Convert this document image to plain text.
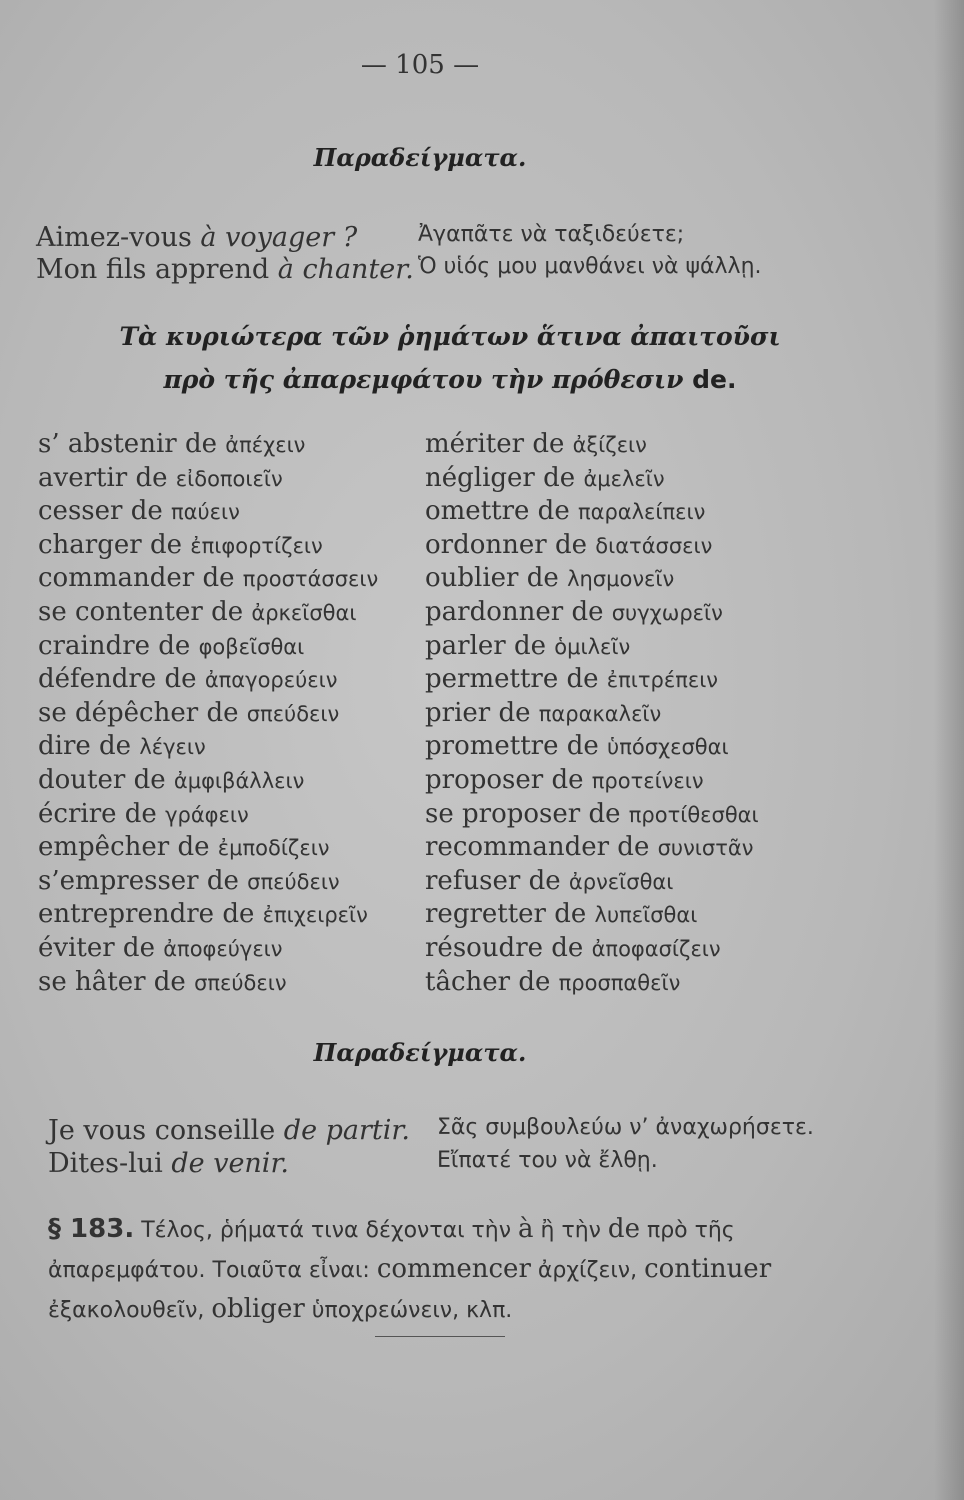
— 105 —
Παραδείγματα.
Aimez-vous à voyager ?	Ἀγαπᾶτε νὰ ταξιδεύετε;
Mon fils apprend à chanter. Ὁ υἱός μου μανθάνει νὰ ψάλλῃ.
Τὰ κυριώτερα τῶν ῥημάτων ἅτινα ἀπαιτοῦσι
πρὸ τῆς ἀπαρεμφάτου τὴν πρόθεσιν de.
s’ abstenir de ἀπέχειν
avertir de εἰδοποιεῖν
cesser de παύειν
charger de ἐπιφορτίζειν
commander de προστάσσειν
se contenter de ἀρκεῖσθαι
craindre de φοβεῖσθαι
défendre de ἀπαγορεύειν
se dépêcher de σπεύδειν
dire de λέγειν
douter de ἀμφιβάλλειν
écrire de γράφειν
empêcher de ἐμποδίζειν
s’empresser de σπεύδειν
entreprendre de ἐπιχειρεῖν
éviter de ἀποφεύγειν
se hâter de σπεύδειν
mériter de ἀξίζειν
négliger de ἀμελεῖν
omettre de παραλείπειν
ordonner de διατάσσειν
oublier de λησμονεῖν
pardonner de συγχωρεῖν
parler de ὁμιλεῖν
permettre de ἐπιτρέπειν
prier de παρακαλεῖν
promettre de ὑπόσχεσθαι
proposer de προτείνειν
se proposer de προτίθεσθαι
recommander de συνιστᾶν
refuser de ἀρνεῖσθαι
regretter de λυπεῖσθαι
résoudre de ἀποφασίζειν
tâcher de προσπαθεῖν
Παραδείγματα.
Je vous conseille de partir. Σᾶς συμβουλεύω ν’ ἀναχωρήσετε.
Dites-lui de venir.	Εἴπατέ του νὰ ἔλθῃ.
§ 183. Τέλος, ῥήματά τινα δέχονται τὴν à ἢ τὴν de πρὸ τῆς ἀπαρεμφάτου. Τοιαῦτα εἶναι: commencer ἀρχίζειν, continuer ἐξακολουθεῖν, obliger ὑποχρεώνειν, κλπ.
